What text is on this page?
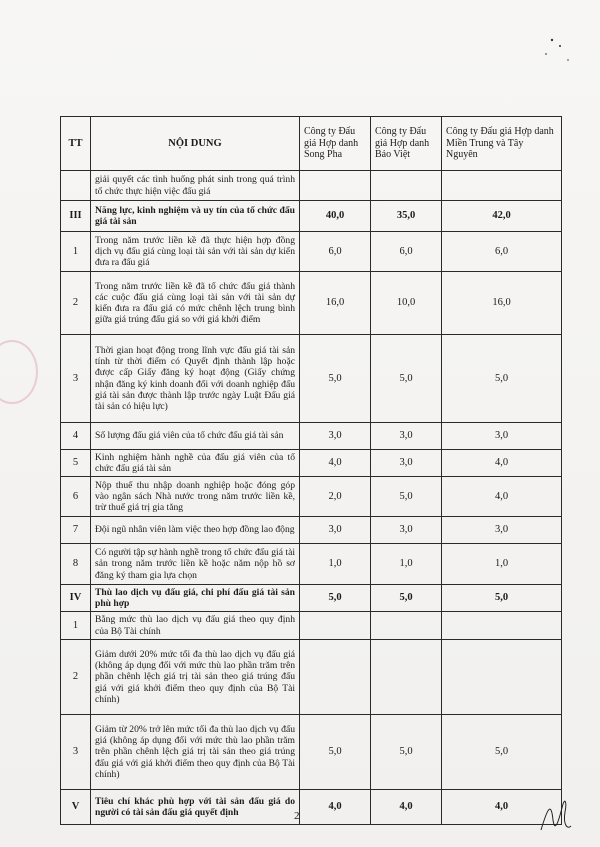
TT	NỘI DUNG	Công ty Đấu giá Hợp danh Song Pha	Công ty Đấu giá Hợp danh Bảo Việt	Công ty Đấu giá Hợp danh Miền Trung và Tây Nguyên
	giải quyết các tình huống phát sinh trong quá trình tổ chức thực hiện việc đấu giá			
III	Năng lực, kinh nghiệm và uy tín của tổ chức đấu giá tài sản	40,0	35,0	42,0
1	Trong năm trước liền kề đã thực hiện hợp đồng dịch vụ đấu giá cùng loại tài sản với tài sản dự kiến đưa ra đấu giá	6,0	6,0	6,0
2	Trong năm trước liền kề đã tổ chức đấu giá thành các cuộc đấu giá cùng loại tài sản với tài sản dự kiến đưa ra đấu giá có mức chênh lệch trung bình giữa giá trúng đấu giá so với giá khởi điểm	16,0	10,0	16,0
3	Thời gian hoạt động trong lĩnh vực đấu giá tài sản tính từ thời điểm có Quyết định thành lập hoặc được cấp Giấy đăng ký hoạt động (Giấy chứng nhận đăng ký kinh doanh đối với doanh nghiệp đấu giá tài sản được thành lập trước ngày Luật Đấu giá tài sản có hiệu lực)	5,0	5,0	5,0
4	Số lượng đấu giá viên của tổ chức đấu giá tài sản	3,0	3,0	3,0
5	Kinh nghiệm hành nghề của đấu giá viên của tổ chức đấu giá tài sản	4,0	3,0	4,0
6	Nộp thuế thu nhập doanh nghiệp hoặc đóng góp vào ngân sách Nhà nước trong năm trước liền kề, trừ thuế giá trị gia tăng	2,0	5,0	4,0
7	Đội ngũ nhân viên làm việc theo hợp đồng lao động	3,0	3,0	3,0
8	Có người tập sự hành nghề trong tổ chức đấu giá tài sản trong năm trước liền kề hoặc năm nộp hồ sơ đăng ký tham gia lựa chọn	1,0	1,0	1,0
IV	Thù lao dịch vụ đấu giá, chi phí đấu giá tài sản phù hợp	5,0	5,0	5,0
1	Bằng mức thù lao dịch vụ đấu giá theo quy định của Bộ Tài chính			
2	Giảm dưới 20% mức tối đa thù lao dịch vụ đấu giá (không áp dụng đối với mức thù lao phần trăm trên phần chênh lệch giá trị tài sản theo giá trúng đấu giá với giá khởi điểm theo quy định của Bộ Tài chính)			
3	Giảm từ 20% trở lên mức tối đa thù lao dịch vụ đấu giá (không áp dụng đối với mức thù lao phần trăm trên phần chênh lệch giá trị tài sản theo giá trúng đấu giá với giá khởi điểm theo quy định của Bộ Tài chính)	5,0	5,0	5,0
V	Tiêu chí khác phù hợp với tài sản đấu giá do người có tài sản đấu giá quyết định	4,0	4,0	4,0
2
